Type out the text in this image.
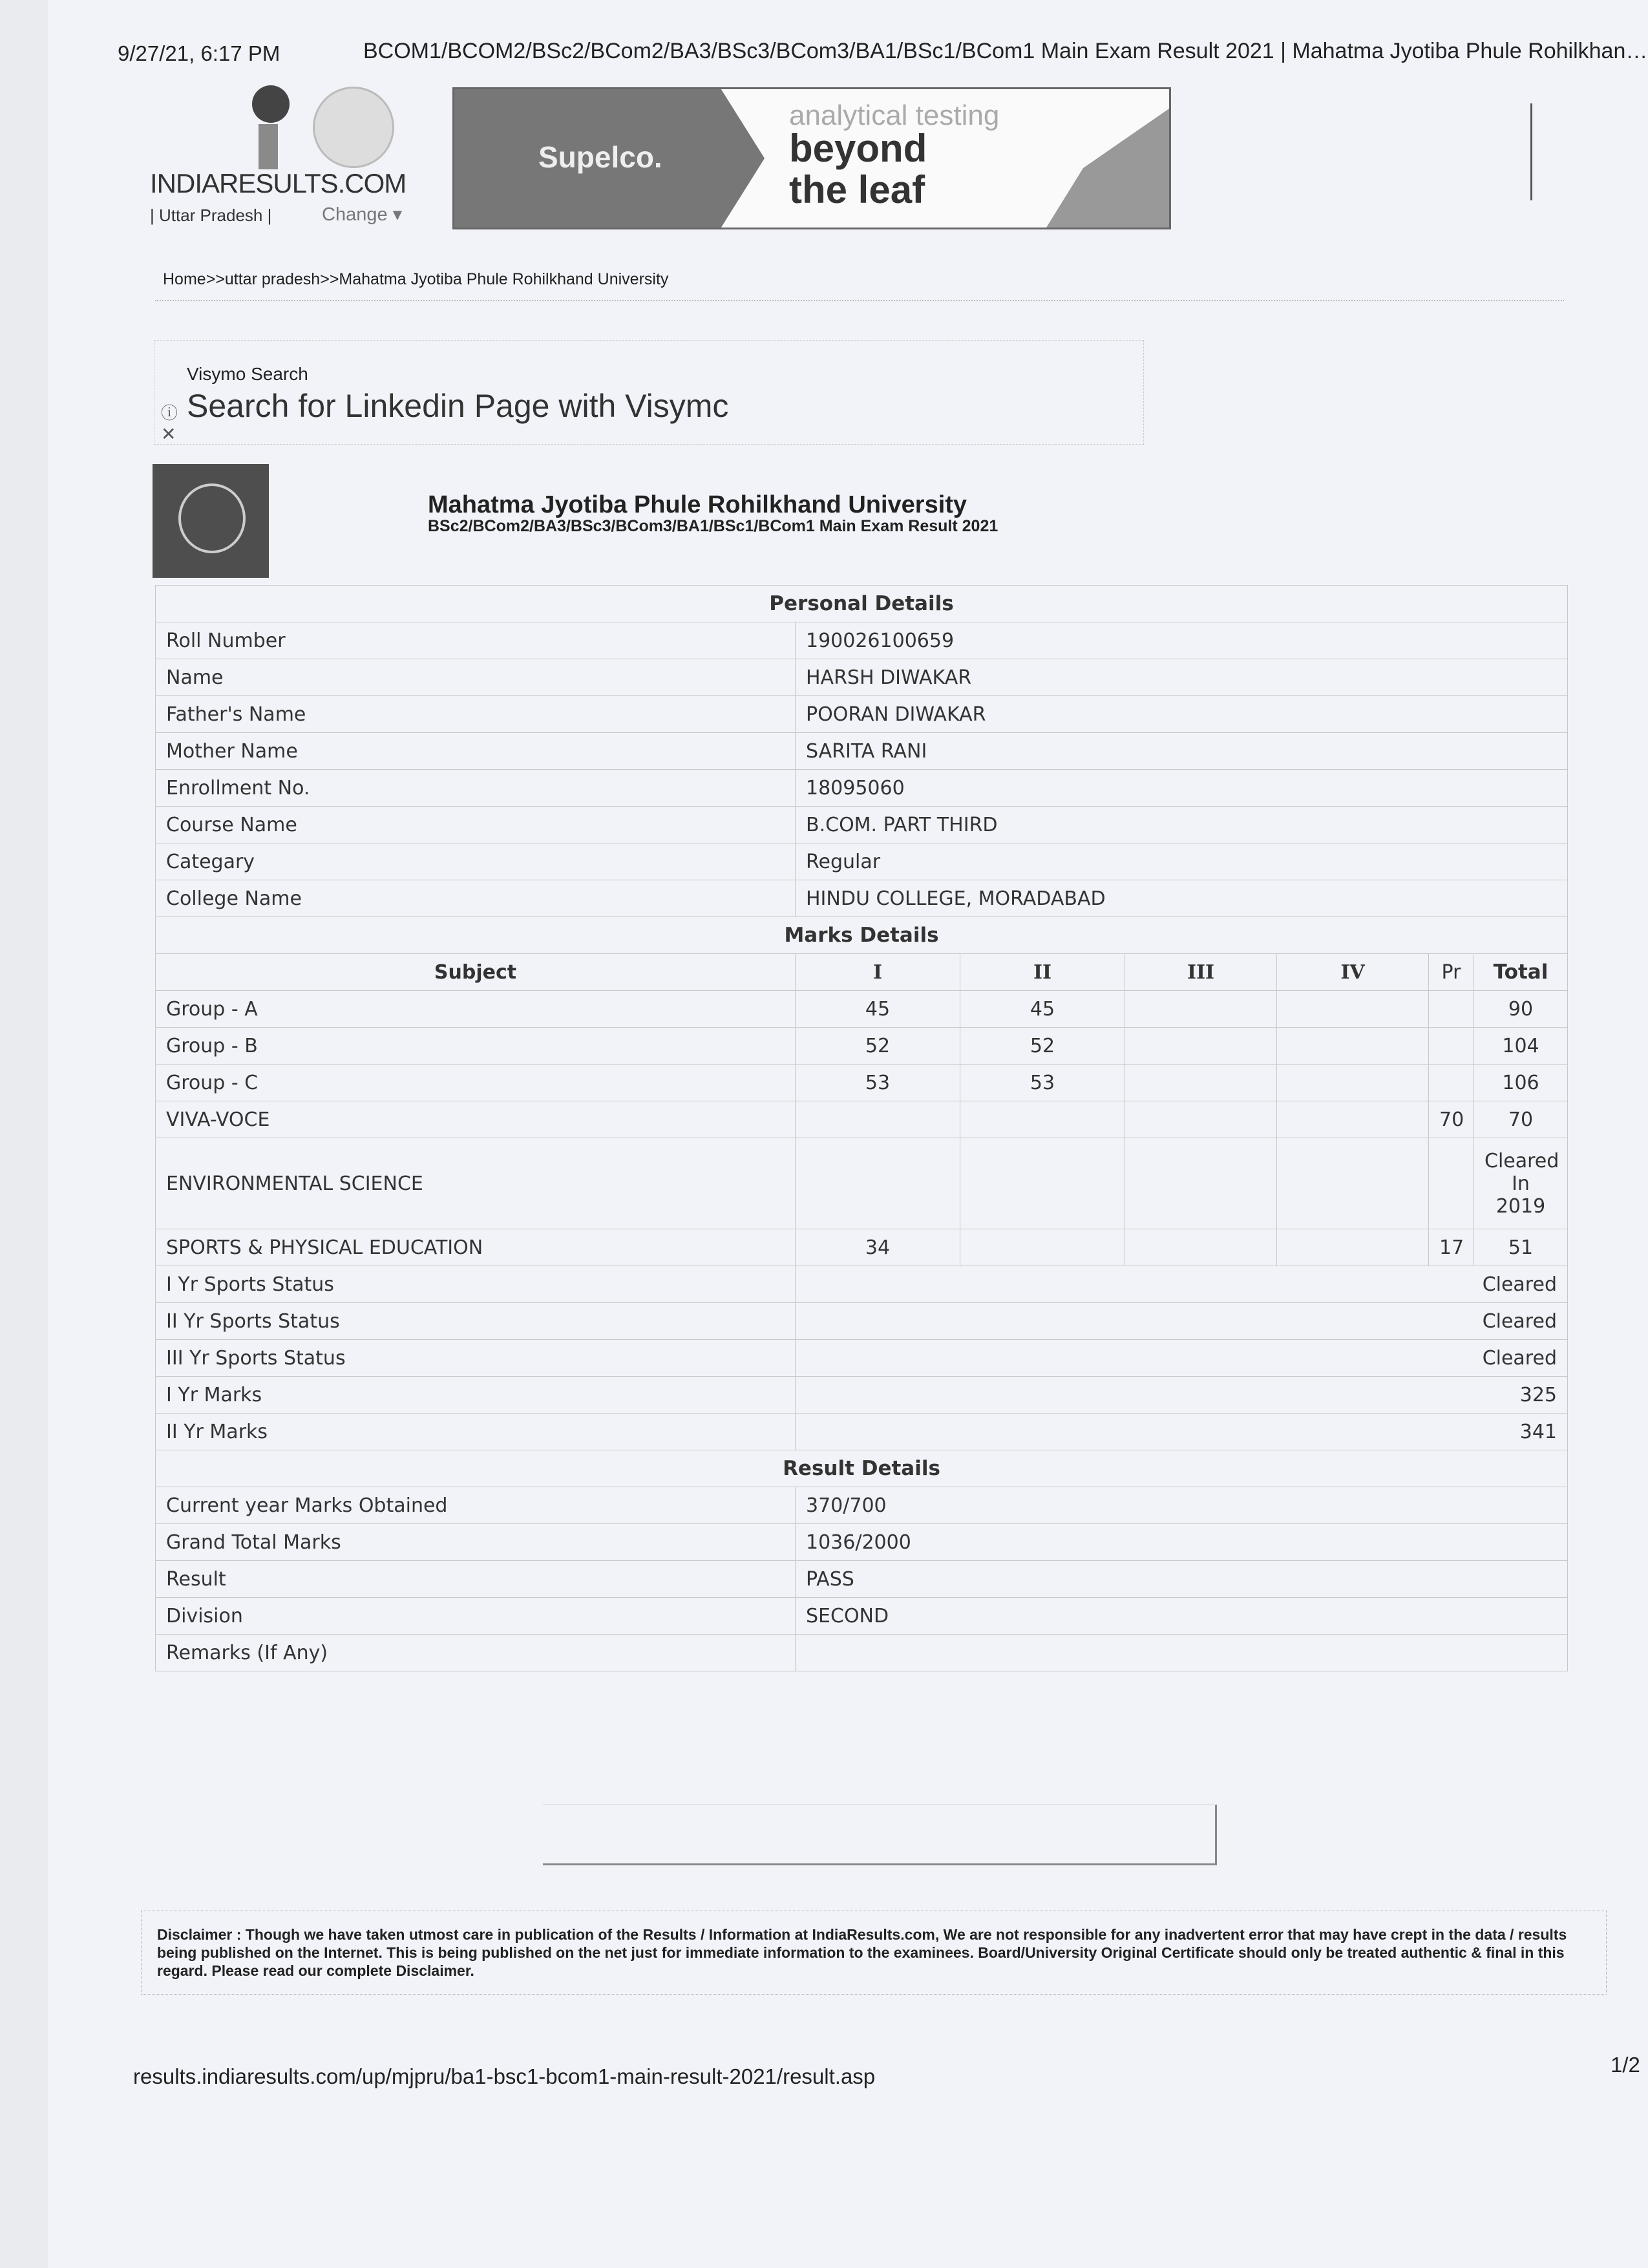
9/27/21, 6:17 PM	BCOM1/BCOM2/BSc2/BCom2/BA3/BSc3/BCom3/BA1/BSc1/BCom1 Main Exam Result 2021 | Mahatma Jyotiba Phule Rohilkhan…
INDIARESULTS.COM
| Uttar Pradesh |	Change ▾
Supelco.
analytical testing
beyond
the leaf
Home>>uttar pradesh>>Mahatma Jyotiba Phule Rohilkhand University
Visymo Search
Search for Linkedin Page with Visymc
ⓘ
✕
Mahatma Jyotiba Phule Rohilkhand University
BSc2/BCom2/BA3/BSc3/BCom3/BA1/BSc1/BCom1 Main Exam Result 2021
Personal Details						
Roll Number	190026100659					
Name	HARSH DIWAKAR					
Father's Name	POORAN DIWAKAR					
Mother Name	SARITA RANI					
Enrollment No.	18095060					
Course Name	B.COM. PART THIRD					
Categary	Regular					
College Name	HINDU COLLEGE, MORADABAD					
Marks Details						
Subject	I	II	III	IV	Pr	Total
Group - A	45	45				90
Group - B	52	52				104
Group - C	53	53				106
VIVA-VOCE					70	70
ENVIRONMENTAL SCIENCE						Cleared In 2019
SPORTS & PHYSICAL EDUCATION	34				17	51
I Yr Sports Status	Cleared					
II Yr Sports Status	Cleared					
III Yr Sports Status	Cleared					
I Yr Marks	325					
II Yr Marks	341					
Result Details						
Current year Marks Obtained	370/700					
Grand Total Marks	1036/2000					
Result	PASS					
Division	SECOND					
Remarks (If Any)						

Disclaimer : Though we have taken utmost care in publication of the Results / Information at IndiaResults.com, We are not responsible for any inadvertent error that may have crept in the data / results being published on the Internet. This is being published on the net just for immediate information to the examinees. Board/University Original Certificate should only be treated authentic & final in this regard. Please read our complete Disclaimer.

results.indiaresults.com/up/mjpru/ba1-bsc1-bcom1-main-result-2021/result.asp	1/2
